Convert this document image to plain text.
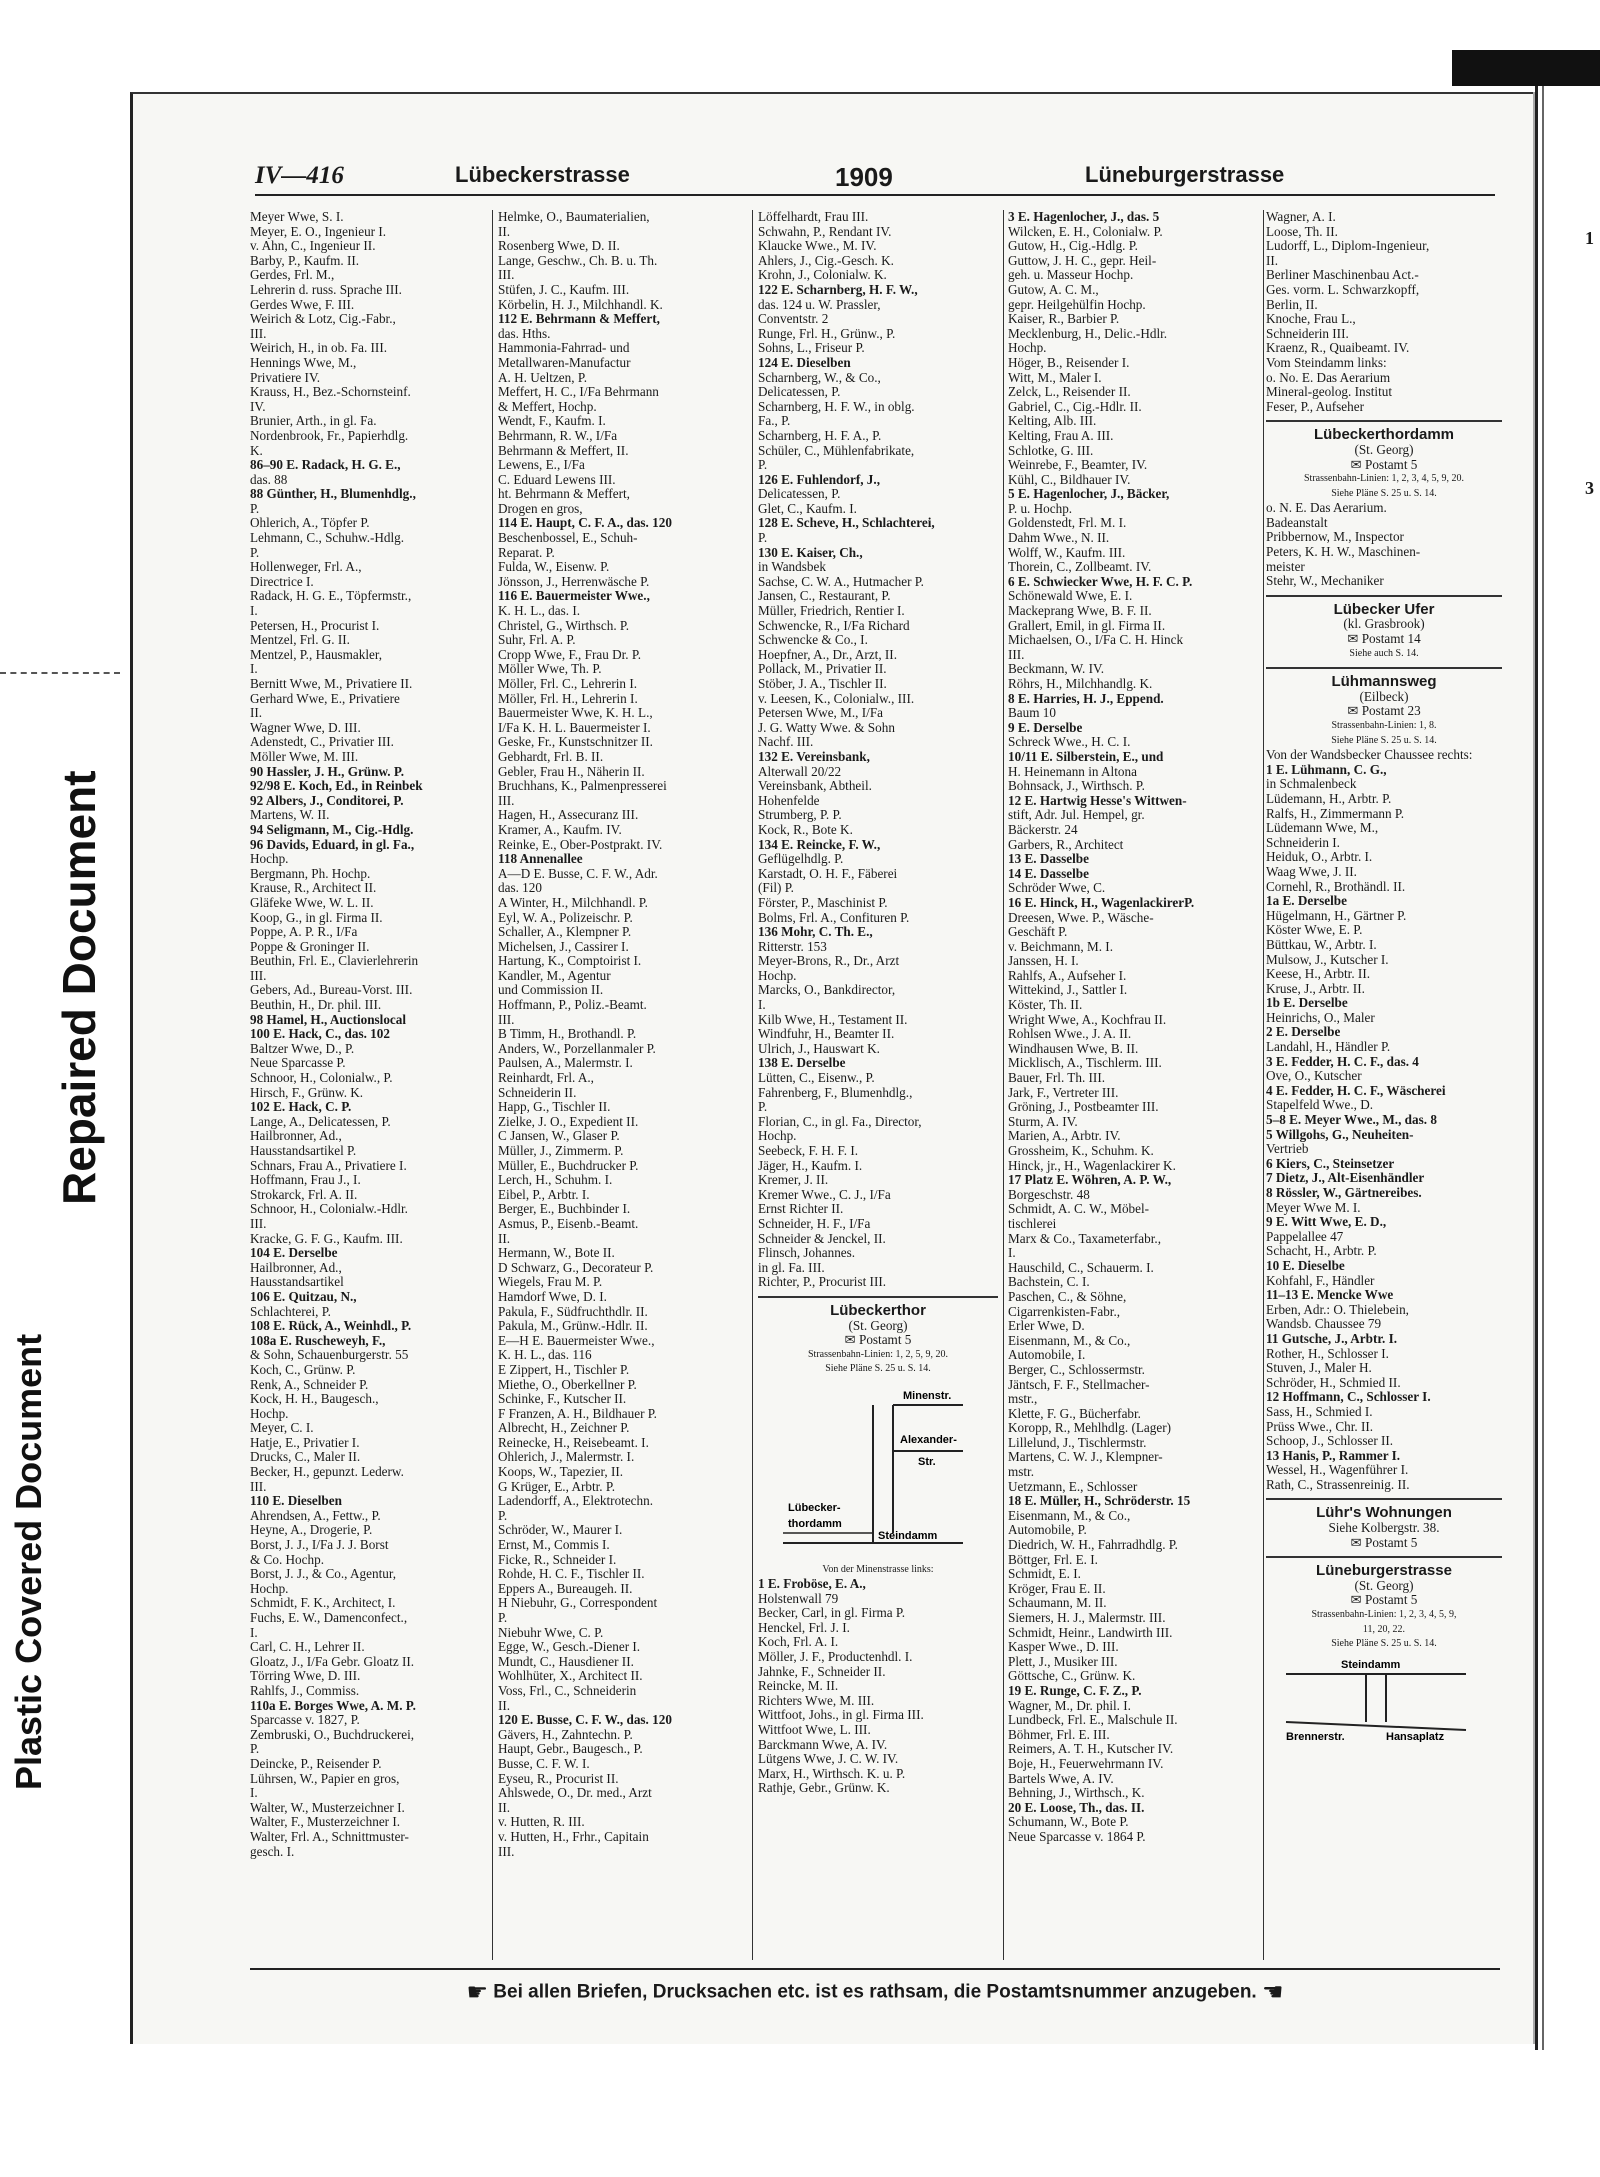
Repaired Document
Plastic Covered Document
1
3
IV—416	Lübeckerstrasse	1909	Lüneburgerstrasse
Meyer Wwe, S. I.
Meyer, E. O., Ingenieur I.
v. Ahn, C., Ingenieur II.
Barby, P., Kaufm. II.
Gerdes, Frl. M.,
Lehrerin d. russ. Sprache III.
Gerdes Wwe, F. III.
Weirich & Lotz, Cig.-Fabr.,
III.
Weirich, H., in ob. Fa. III.
Hennings Wwe, M.,
Privatiere IV.
Krauss, H., Bez.-Schornsteinf.
IV.
Brunier, Arth., in gl. Fa.
Nordenbrook, Fr., Papierhdlg.
K.
86–90 E. Radack, H. G. E.,
das. 88
88 Günther, H., Blumenhdlg.,
P.
Ohlerich, A., Töpfer P.
Lehmann, C., Schuhw.-Hdlg.
P.
Hollenweger, Frl. A.,
Directrice I.
Radack, H. G. E., Töpfermstr.,
I.
Petersen, H., Procurist I.
Mentzel, Frl. G. II.
Mentzel, P., Hausmakler,
I.
Bernitt Wwe, M., Privatiere II.
Gerhard Wwe, E., Privatiere
II.
Wagner Wwe, D. III.
Adenstedt, C., Privatier III.
Möller Wwe, M. III.
90 Hassler, J. H., Grünw. P.
92/98 E. Koch, Ed., in Reinbek
92 Albers, J., Conditorei, P.
Martens, W. II.
94 Seligmann, M., Cig.-Hdlg.
96 Davids, Eduard, in gl. Fa.,
Hochp.
Bergmann, Ph. Hochp.
Krause, R., Architect II.
Gläfeke Wwe, W. L. II.
Koop, G., in gl. Firma II.
Poppe, A. P. R., I/Fa
Poppe & Groninger II.
Beuthin, Frl. E., Clavierlehrerin
III.
Gebers, Ad., Bureau-Vorst. III.
Beuthin, H., Dr. phil. III.
98 Hamel, H., Auctionslocal
100 E. Hack, C., das. 102
Baltzer Wwe, D., P.
Neue Sparcasse P.
Schnoor, H., Colonialw., P.
Hirsch, F., Grünw. K.
102 E. Hack, C. P.
Lange, A., Delicatessen, P.
Hailbronner, Ad.,
Hausstandsartikel P.
Schnars, Frau A., Privatiere I.
Hoffmann, Frau J., I.
Strokarck, Frl. A. II.
Schnoor, H., Colonialw.-Hdlr.
III.
Kracke, G. F. G., Kaufm. III.
104 E. Derselbe
Hailbronner, Ad.,
Hausstandsartikel
106 E. Quitzau, N.,
Schlachterei, P.
108 E. Rück, A., Weinhdl., P.
108a E. Ruscheweyh, F.,
& Sohn, Schauenburgerstr. 55
Koch, C., Grünw. P.
Renk, A., Schneider P.
Kock, H. H., Baugesch.,
Hochp.
Meyer, C. I.
Hatje, E., Privatier I.
Drucks, C., Maler II.
Becker, H., gepunzt. Lederw.
III.
110 E. Dieselben
Ahrendsen, A., Fettw., P.
Heyne, A., Drogerie, P.
Borst, J. J., I/Fa J. J. Borst
& Co. Hochp.
Borst, J. J., & Co., Agentur,
Hochp.
Schmidt, F. K., Architect, I.
Fuchs, E. W., Damenconfect.,
I.
Carl, C. H., Lehrer II.
Gloatz, J., I/Fa Gebr. Gloatz II.
Törring Wwe, D. III.
Rahlfs, J., Commiss.
110a E. Borges Wwe, A. M. P.
Sparcasse v. 1827, P.
Zembruski, O., Buchdruckerei,
P.
Deincke, P., Reisender P.
Lührsen, W., Papier en gros,
I.
Walter, W., Musterzeichner I.
Walter, F., Musterzeichner I.
Walter, Frl. A., Schnittmuster-
gesch. I.
Helmke, O., Baumaterialien,
II.
Rosenberg Wwe, D. II.
Lange, Geschw., Ch. B. u. Th.
III.
Stüfen, J. C., Kaufm. III.
Körbelin, H. J., Milchhandl. K.
112 E. Behrmann & Meffert,
das. Hths.
Hammonia-Fahrrad- und
Metallwaren-Manufactur
A. H. Ueltzen, P.
Meffert, H. C., I/Fa Behrmann
& Meffert, Hochp.
Wendt, F., Kaufm. I.
Behrmann, R. W., I/Fa
Behrmann & Meffert, II.
Lewens, E., I/Fa
C. Eduard Lewens III.
ht. Behrmann & Meffert,
Drogen en gros,
114 E. Haupt, C. F. A., das. 120
Beschenbossel, E., Schuh-
Reparat. P.
Fulda, W., Eisenw. P.
Jönsson, J., Herrenwäsche P.
116 E. Bauermeister Wwe.,
K. H. L., das. I.
Christel, G., Wirthsch. P.
Suhr, Frl. A. P.
Cropp Wwe, F., Frau Dr. P.
Möller Wwe, Th. P.
Möller, Frl. C., Lehrerin I.
Möller, Frl. H., Lehrerin I.
Bauermeister Wwe, K. H. L.,
I/Fa K. H. L. Bauermeister I.
Geske, Fr., Kunstschnitzer II.
Gebhardt, Frl. B. II.
Gebler, Frau H., Näherin II.
Bruchhans, K., Palmenpresserei
III.
Hagen, H., Assecuranz III.
Kramer, A., Kaufm. IV.
Reinke, E., Ober-Postprakt. IV.
118 Annenallee
A—D E. Busse, C. F. W., Adr.
das. 120
A Winter, H., Milchhandl. P.
Eyl, W. A., Polizeischr. P.
Schaller, A., Klempner P.
Michelsen, J., Cassirer I.
Hartung, K., Comptoirist I.
Kandler, M., Agentur
und Commission II.
Hoffmann, P., Poliz.-Beamt.
III.
B Timm, H., Brothandl. P.
Anders, W., Porzellanmaler P.
Paulsen, A., Malermstr. I.
Reinhardt, Frl. A.,
Schneiderin II.
Happ, G., Tischler II.
Zielke, J. O., Expedient II.
C Jansen, W., Glaser P.
Müller, J., Zimmerm. P.
Müller, E., Buchdrucker P.
Lerch, H., Schuhm. I.
Eibel, P., Arbtr. I.
Berger, E., Buchbinder I.
Asmus, P., Eisenb.-Beamt.
II.
Hermann, W., Bote II.
D Schwarz, G., Decorateur P.
Wiegels, Frau M. P.
Hamdorf Wwe, D. I.
Pakula, F., Südfruchthdlr. II.
Pakula, M., Grünw.-Hdlr. II.
E—H E. Bauermeister Wwe.,
K. H. L., das. 116
E Zippert, H., Tischler P.
Miethe, O., Oberkellner P.
Schinke, F., Kutscher II.
F Franzen, A. H., Bildhauer P.
Albrecht, H., Zeichner P.
Reinecke, H., Reisebeamt. I.
Ohlerich, J., Malermstr. I.
Koops, W., Tapezier, II.
G Krüger, E., Arbtr. P.
Ladendorff, A., Elektrotechn.
P.
Schröder, W., Maurer I.
Ernst, M., Commis I.
Ficke, R., Schneider I.
Rohde, H. C. F., Tischler II.
Eppers A., Bureaugeh. II.
H Niebuhr, G., Correspondent
P.
Niebuhr Wwe, C. P.
Egge, W., Gesch.-Diener I.
Mundt, C., Hausdiener II.
Wohlhüter, X., Architect II.
Voss, Frl., C., Schneiderin
II.
120 E. Busse, C. F. W., das. 120
Gävers, H., Zahntechn. P.
Haupt, Gebr., Baugesch., P.
Busse, C. F. W. I.
Eyseu, R., Procurist II.
Ahlswede, O., Dr. med., Arzt
II.
v. Hutten, R. III.
v. Hutten, H., Frhr., Capitain
III.
Löffelhardt, Frau III.
Schwahn, P., Rendant IV.
Klaucke Wwe., M. IV.
Ahlers, J., Cig.-Gesch. K.
Krohn, J., Colonialw. K.
122 E. Scharnberg, H. F. W.,
das. 124 u. W. Prassler,
Conventstr. 2
Runge, Frl. H., Grünw., P.
Sohns, L., Friseur P.
124 E. Dieselben
Scharnberg, W., & Co.,
Delicatessen, P.
Scharnberg, H. F. W., in oblg.
Fa., P.
Scharnberg, H. F. A., P.
Schüler, C., Mühlenfabrikate,
P.
126 E. Fuhlendorf, J.,
Delicatessen, P.
Glet, C., Kaufm. I.
128 E. Scheve, H., Schlachterei,
P.
130 E. Kaiser, Ch.,
in Wandsbek
Sachse, C. W. A., Hutmacher P.
Jansen, C., Restaurant, P.
Müller, Friedrich, Rentier I.
Schwencke, R., I/Fa Richard
Schwencke & Co., I.
Hoepfner, A., Dr., Arzt, II.
Pollack, M., Privatier II.
Stöber, J. A., Tischler II.
v. Leesen, K., Colonialw., III.
Petersen Wwe, M., I/Fa
J. G. Watty Wwe. & Sohn
Nachf. III.
132 E. Vereinsbank,
Alterwall 20/22
Vereinsbank, Abtheil.
Hohenfelde
Strumberg, P. P.
Kock, R., Bote K.
134 E. Reincke, F. W.,
Geflügelhdlg. P.
Karstadt, O. H. F., Fäberei
(Fil) P.
Förster, P., Maschinist P.
Bolms, Frl. A., Confituren P.
136 Mohr, C. Th. E.,
Ritterstr. 153
Meyer-Brons, R., Dr., Arzt
Hochp.
Marcks, O., Bankdirector,
I.
Kilb Wwe, H., Testament II.
Windfuhr, H., Beamter II.
Ulrich, J., Hauswart K.
138 E. Derselbe
Lütten, C., Eisenw., P.
Fahrenberg, F., Blumenhdlg.,
P.
Florian, C., in gl. Fa., Director,
Hochp.
Seebeck, F. H. F. I.
Jäger, H., Kaufm. I.
Kremer, J. II.
Kremer Wwe., C. J., I/Fa
Ernst Richter II.
Schneider, H. F., I/Fa
Schneider & Jenckel, II.
Flinsch, Johannes.
in gl. Fa. III.
Richter, P., Procurist III.
Lübeckerthor
(St. Georg)
✉ Postamt 5
Strassenbahn-Linien: 1, 2, 5, 9, 20.
Siehe Pläne S. 25 u. S. 14.
Minenstr.
Alexander-
Str.
Lübecker-
thordamm
Steindamm
Von der Minenstrasse links:
1 E. Froböse, E. A.,
Holstenwall 79
Becker, Carl, in gl. Firma P.
Henckel, Frl. J. I.
Koch, Frl. A. I.
Möller, J. F., Productenhdl. I.
Jahnke, F., Schneider II.
Reincke, M. II.
Richters Wwe, M. III.
Wittfoot, Johs., in gl. Firma III.
Wittfoot Wwe, L. III.
Barckmann Wwe, A. IV.
Lütgens Wwe, J. C. W. IV.
Marx, H., Wirthsch. K. u. P.
Rathje, Gebr., Grünw. K.
3 E. Hagenlocher, J., das. 5
Wilcken, E. H., Colonialw. P.
Gutow, H., Cig.-Hdlg. P.
Guttow, J. H. C., gepr. Heil-
geh. u. Masseur Hochp.
Gutow, A. C. M.,
gepr. Heilgehülfin Hochp.
Kaiser, R., Barbier P.
Mecklenburg, H., Delic.-Hdlr.
Hochp.
Höger, B., Reisender I.
Witt, M., Maler I.
Zelck, L., Reisender II.
Gabriel, C., Cig.-Hdlr. II.
Kelting, Alb. III.
Kelting, Frau A. III.
Schlotke, G. III.
Weinrebe, F., Beamter, IV.
Kühl, C., Bildhauer IV.
5 E. Hagenlocher, J., Bäcker,
P. u. Hochp.
Goldenstedt, Frl. M. I.
Dahm Wwe., N. II.
Wolff, W., Kaufm. III.
Thorein, C., Zollbeamt. IV.
6 E. Schwiecker Wwe, H. F. C. P.
Schönewald Wwe, E. I.
Mackeprang Wwe, B. F. II.
Grallert, Emil, in gl. Firma II.
Michaelsen, O., I/Fa C. H. Hinck
III.
Beckmann, W. IV.
Röhrs, H., Milchhandlg. K.
8 E. Harries, H. J., Eppend.
Baum 10
9 E. Derselbe
Schreck Wwe., H. C. I.
10/11 E. Silberstein, E., und
H. Heinemann in Altona
Bohnsack, J., Wirthsch. P.
12 E. Hartwig Hesse's Wittwen-
stift, Adr. Jul. Hempel, gr.
Bäckerstr. 24
Garbers, R., Architect
13 E. Dasselbe
14 E. Dasselbe
Schröder Wwe, C.
16 E. Hinck, H., WagenlackirerP.
Dreesen, Wwe. P., Wäsche-
Geschäft P.
v. Beichmann, M. I.
Janssen, H. I.
Rahlfs, A., Aufseher I.
Wittekind, J., Sattler I.
Köster, Th. II.
Wright Wwe, A., Kochfrau II.
Rohlsen Wwe., J. A. II.
Windhausen Wwe, B. II.
Micklisch, A., Tischlerm. III.
Bauer, Frl. Th. III.
Jark, F., Vertreter III.
Gröning, J., Postbeamter III.
Sturm, A. IV.
Marien, A., Arbtr. IV.
Grossheim, K., Schuhm. K.
Hinck, jr., H., Wagenlackirer K.
17 Platz E. Wöhren, A. P. W.,
Borgeschstr. 48
Schmidt, A. C. W., Möbel-
tischlerei
Marx & Co., Taxameterfabr.,
I.
Hauschild, C., Schauerm. I.
Bachstein, C. I.
Paschen, C., & Söhne,
Cigarrenkisten-Fabr.,
Erler Wwe, D.
Eisenmann, M., & Co.,
Automobile, I.
Berger, C., Schlossermstr.
Jäntsch, F. F., Stellmacher-
mstr.,
Klette, F. G., Bücherfabr.
Koropp, R., Mehlhdlg. (Lager)
Lillelund, J., Tischlermstr.
Martens, C. W. J., Klempner-
mstr.
Uetzmann, E., Schlosser
18 E. Müller, H., Schröderstr. 15
Eisenmann, M., & Co.,
Automobile, P.
Diedrich, W. H., Fahrradhdlg. P.
Böttger, Frl. E. I.
Schmidt, E. I.
Kröger, Frau E. II.
Schaumann, M. II.
Siemers, H. J., Malermstr. III.
Schmidt, Heinr., Landwirth III.
Kasper Wwe., D. III.
Plett, J., Musiker III.
Göttsche, C., Grünw. K.
19 E. Runge, C. F. Z., P.
Wagner, M., Dr. phil. I.
Lundbeck, Frl. E., Malschule II.
Böhmer, Frl. E. III.
Reimers, A. T. H., Kutscher IV.
Boje, H., Feuerwehrmann IV.
Bartels Wwe, A. IV.
Behning, J., Wirthsch., K.
20 E. Loose, Th., das. II.
Schumann, W., Bote P.
Neue Sparcasse v. 1864 P.
Wagner, A. I.
Loose, Th. II.
Ludorff, L., Diplom-Ingenieur,
II.
Berliner Maschinenbau Act.-
Ges. vorm. L. Schwarzkopff,
Berlin, II.
Knoche, Frau L.,
Schneiderin III.
Kraenz, R., Quaibeamt. IV.
Vom Steindamm links:
o. No. E. Das Aerarium
Mineral-geolog. Institut
Feser, P., Aufseher
Lübeckerthordamm
(St. Georg)
✉ Postamt 5
Strassenbahn-Linien: 1, 2, 3, 4, 5, 9, 20.
Siehe Pläne S. 25 u. S. 14.
o. N. E. Das Aerarium.
Badeanstalt
Pribbernow, M., Inspector
Peters, K. H. W., Maschinen-
meister
Stehr, W., Mechaniker
Lübecker Ufer
(kl. Grasbrook)
✉ Postamt 14
Siehe auch S. 14.
Lühmannsweg
(Eilbeck)
✉ Postamt 23
Strassenbahn-Linien: 1, 8.
Siehe Pläne S. 25 u. S. 14.
Von der Wandsbecker Chaussee rechts:
1 E. Lühmann, C. G.,
in Schmalenbeck
Lüdemann, H., Arbtr. P.
Ralfs, H., Zimmermann P.
Lüdemann Wwe, M.,
Schneiderin I.
Heiduk, O., Arbtr. I.
Waag Wwe, J. II.
Cornehl, R., Brothändl. II.
1a E. Derselbe
Hügelmann, H., Gärtner P.
Köster Wwe, E. P.
Büttkau, W., Arbtr. I.
Mulsow, J., Kutscher I.
Keese, H., Arbtr. II.
Kruse, J., Arbtr. II.
1b E. Derselbe
Heinrichs, O., Maler
2 E. Derselbe
Landahl, H., Händler P.
3 E. Fedder, H. C. F., das. 4
Ove, O., Kutscher
4 E. Fedder, H. C. F., Wäscherei
Stapelfeld Wwe., D.
5–8 E. Meyer Wwe., M., das. 8
5 Willgohs, G., Neuheiten-
Vertrieb
6 Kiers, C., Steinsetzer
7 Dietz, J., Alt-Eisenhändler
8 Rössler, W., Gärtnereibes.
Meyer Wwe M. I.
9 E. Witt Wwe, E. D.,
Pappelallee 47
Schacht, H., Arbtr. P.
10 E. Dieselbe
Kohfahl, F., Händler
11–13 E. Mencke Wwe
Erben, Adr.: O. Thielebein,
Wandsb. Chaussee 79
11 Gutsche, J., Arbtr. I.
Rother, H., Schlosser I.
Stuven, J., Maler H.
Schröder, H., Schmied II.
12 Hoffmann, C., Schlosser I.
Sass, H., Schmied I.
Prüss Wwe., Chr. II.
Schoop, J., Schlosser II.
13 Hanis, P., Rammer I.
Wessel, H., Wagenführer I.
Rath, C., Strassenreinig. II.
Lühr's Wohnungen
Siehe Kolbergstr. 38.
✉ Postamt 5
Lüneburgerstrasse
(St. Georg)
✉ Postamt 5
Strassenbahn-Linien: 1, 2, 3, 4, 5, 9,
11, 20, 22.
Siehe Pläne S. 25 u. S. 14.
Steindamm
Brennerstr.	Hansaplatz
☛ Bei allen Briefen, Drucksachen etc. ist es rathsam, die Postamtsnummer anzugeben. ☚
